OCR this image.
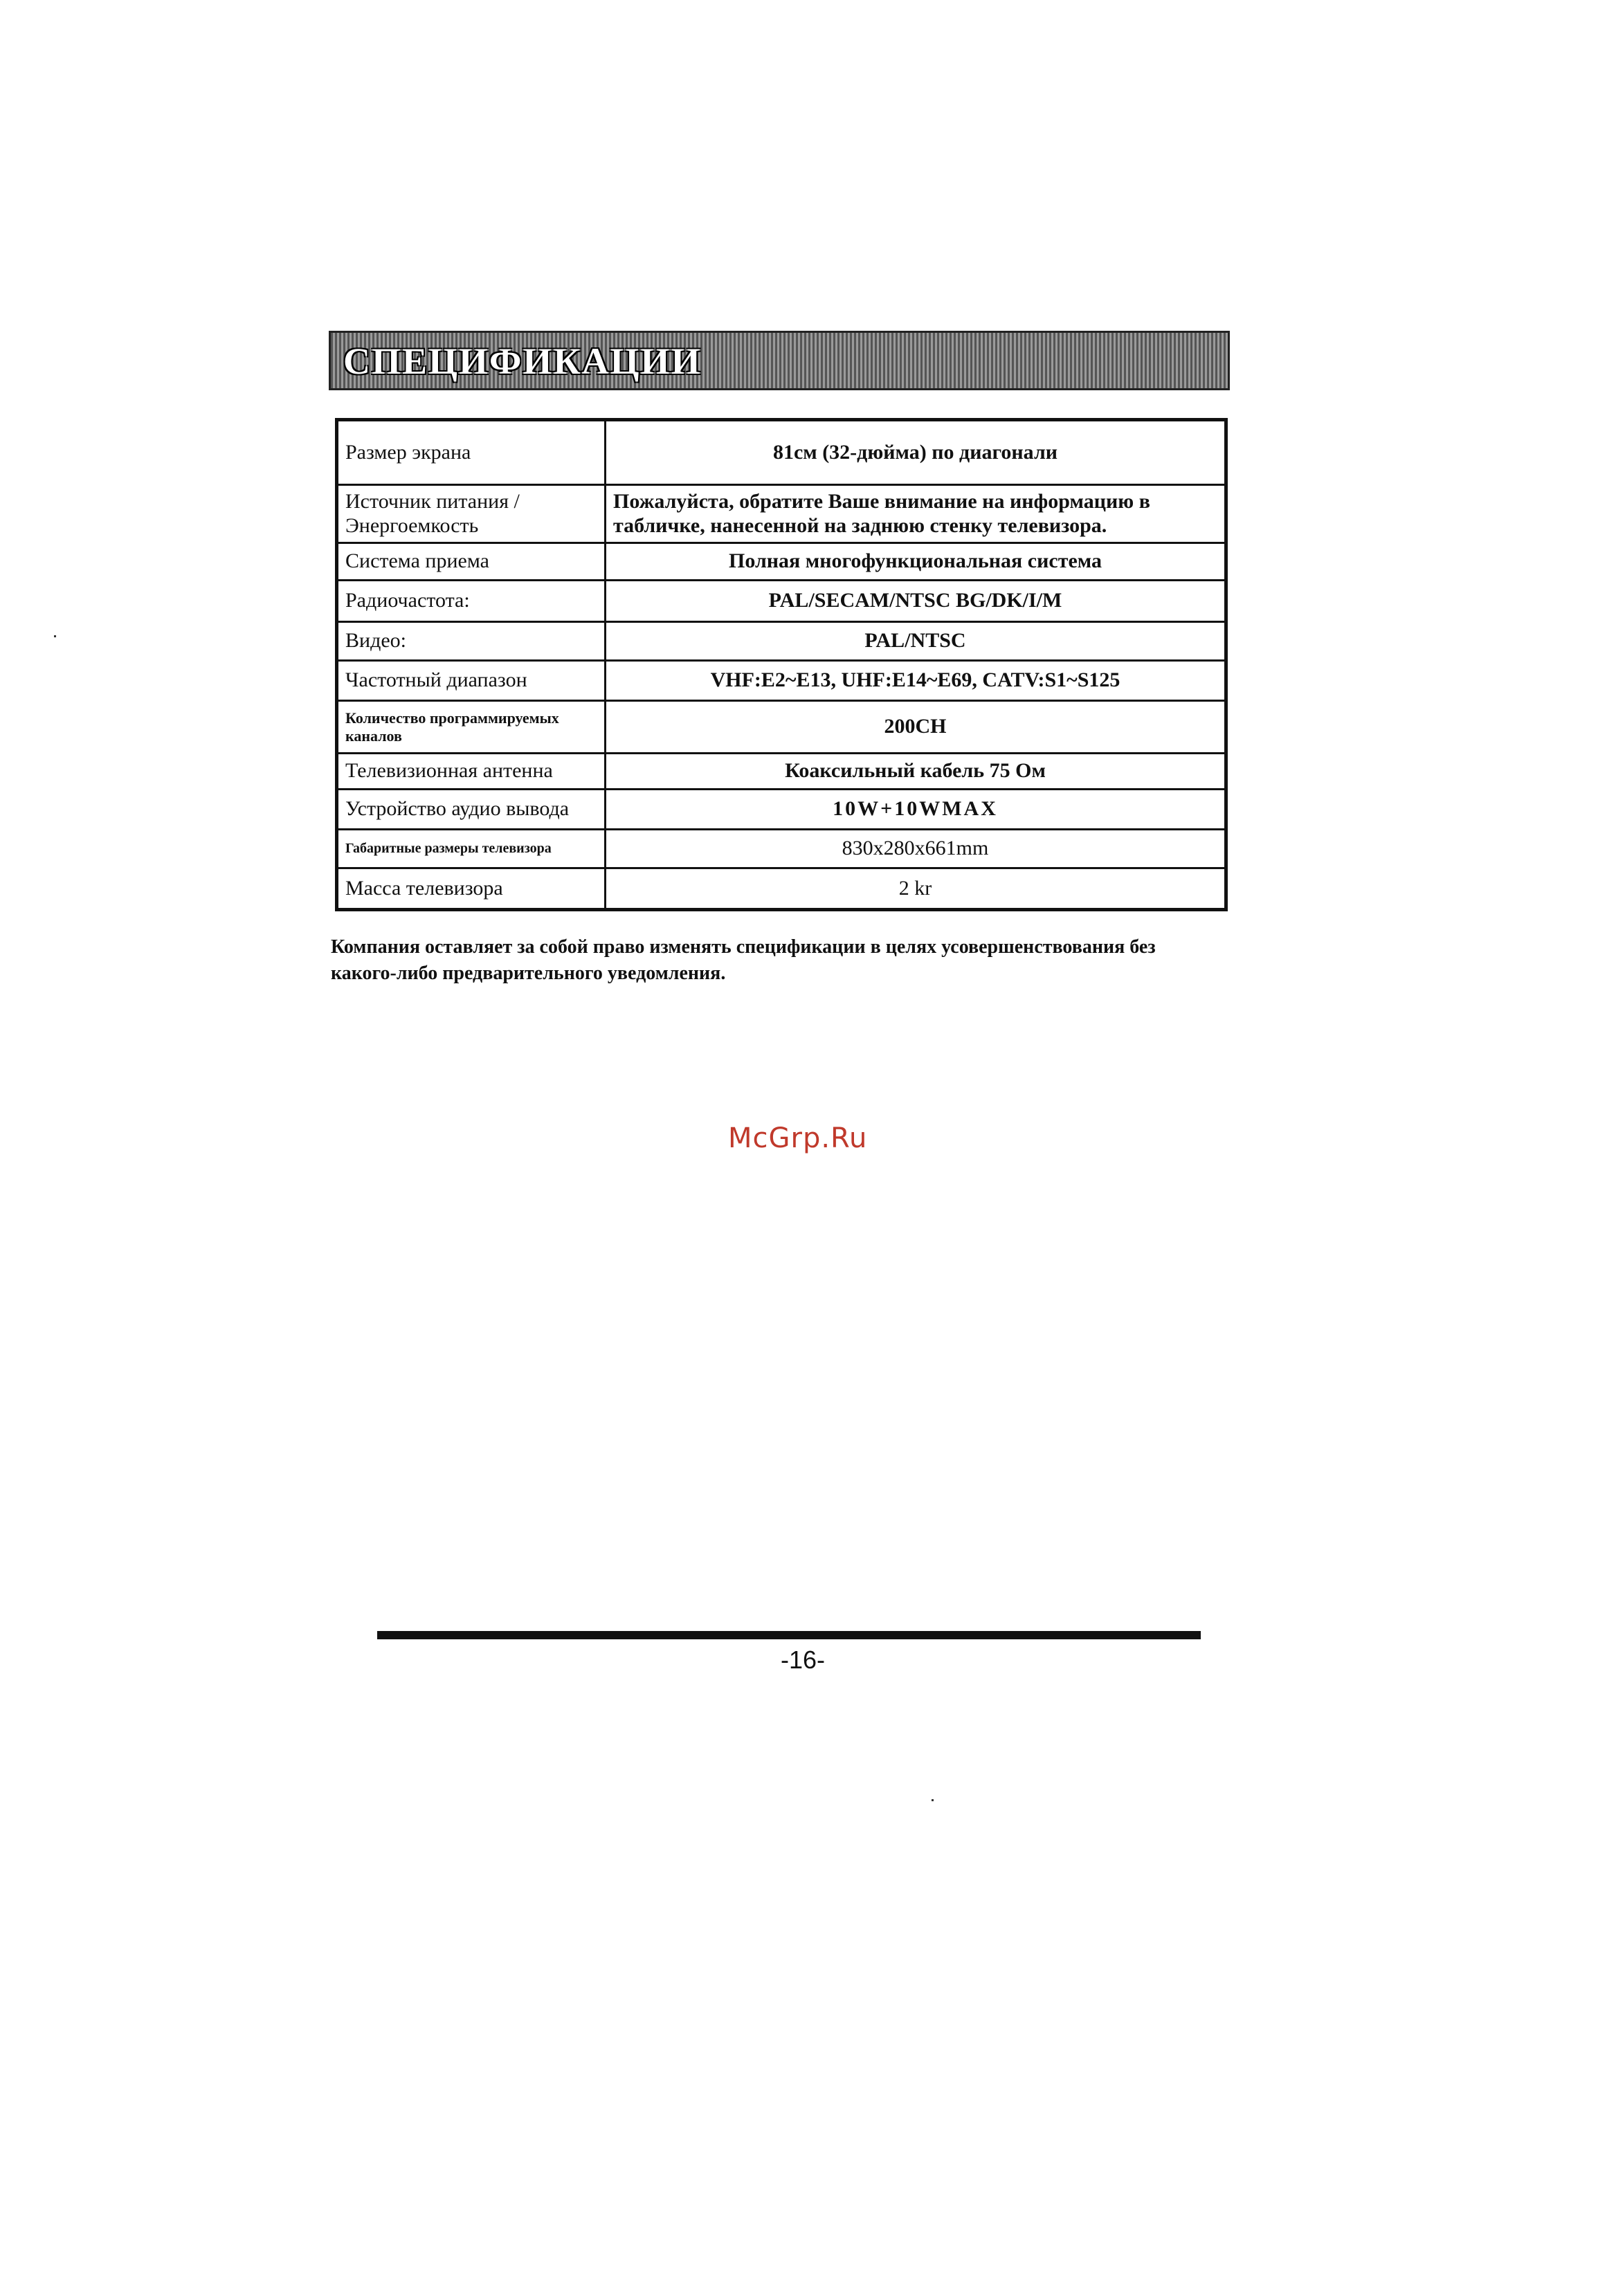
СПЕЦИФИКАЦИИ
Размер экрана	81см (32-дюйма) по диагонали
Источник питания / Энергоемкость	Пожалуйста, обратите Ваше внимание на информацию в табличке, нанесенной на заднюю стенку телевизора.
Система приема	Полная многофункциональная система
Радиочастота:	PAL/SECAM/NTSC BG/DK/I/M
Видео:	PAL/NTSC
Частотный диапазон	VHF:E2~E13, UHF:E14~E69, CATV:S1~S125
Количество программируемых каналов	200CH
Телевизионная антенна	Коаксильный кабель 75 Ом
Устройство аудио вывода	10W+10WMAX
Габаритные размеры телевизора	830x280x661mm
Масса телевизора	2 kr
Компания оставляет за собой право изменять спецификации в целях усовершенствования без какого-либо предварительного уведомления.
McGrp.Ru
-16-
